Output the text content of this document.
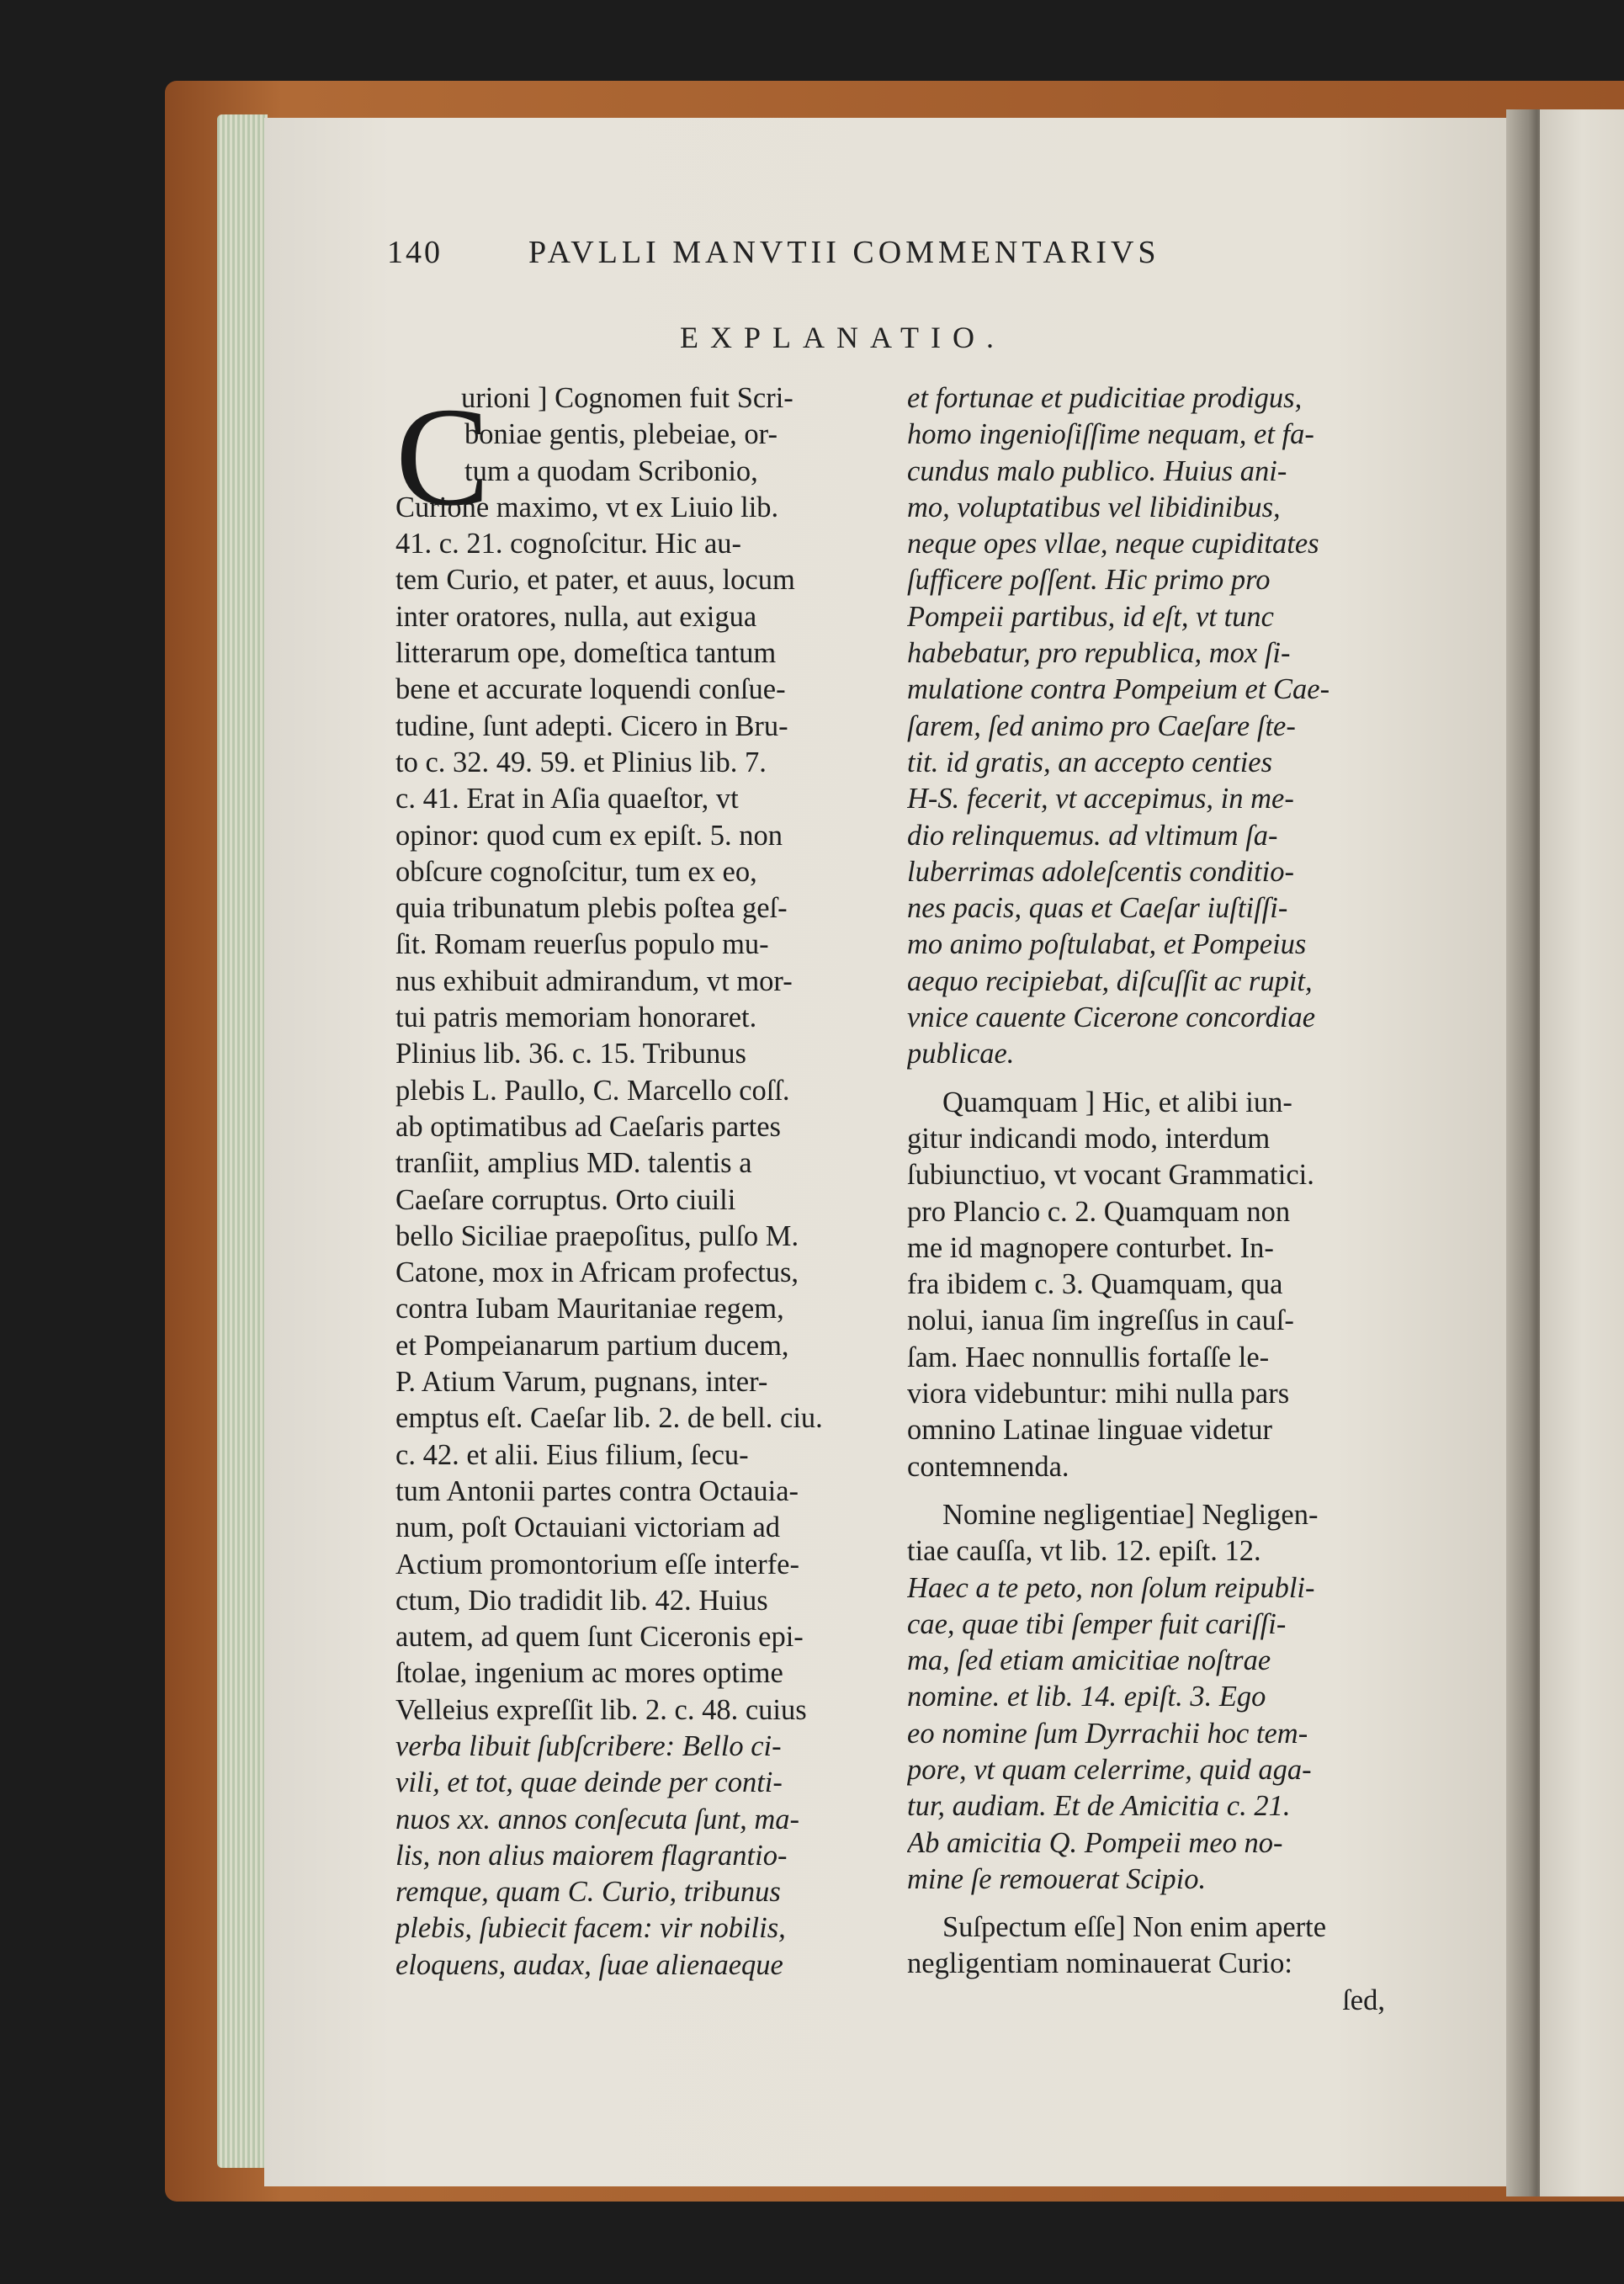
140	PAVLLI MANVTII COMMENTARIVS
EXPLANATIO.
C
urioni ] Cognomen fuit Scri-
boniae gentis, plebeiae, or-
tum a quodam Scribonio,
Curione maximo, vt ex Liuio lib.
41. c. 21. cognoſcitur. Hic au-
tem Curio, et pater, et auus, locum
inter oratores, nulla, aut exigua
litterarum ope, domeſtica tantum
bene et accurate loquendi conſue-
tudine, ſunt adepti. Cicero in Bru-
to c. 32. 49. 59. et Plinius lib. 7.
c. 41. Erat in Aſia quaeſtor, vt
opinor: quod cum ex epiſt. 5. non
obſcure cognoſcitur, tum ex eo,
quia tribunatum plebis poſtea geſ-
ſit. Romam reuerſus populo mu-
nus exhibuit admirandum, vt mor-
tui patris memoriam honoraret.
Plinius lib. 36. c. 15. Tribunus
plebis L. Paullo, C. Marcello coſſ.
ab optimatibus ad Caeſaris partes
tranſiit, amplius MD. talentis a
Caeſare corruptus. Orto ciuili
bello Siciliae praepoſitus, pulſo M.
Catone, mox in Africam profectus,
contra Iubam Mauritaniae regem,
et Pompeianarum partium ducem,
P. Atium Varum, pugnans, inter-
emptus eſt. Caeſar lib. 2. de bell. ciu.
c. 42. et alii. Eius filium, ſecu-
tum Antonii partes contra Octauia-
num, poſt Octauiani victoriam ad
Actium promontorium eſſe interfe-
ctum, Dio tradidit lib. 42. Huius
autem, ad quem ſunt Ciceronis epi-
ſtolae, ingenium ac mores optime
Velleius expreſſit lib. 2. c. 48. cuius
verba libuit ſubſcribere: Bello ci-
vili, et tot, quae deinde per conti-
nuos xx. annos conſecuta ſunt, ma-
lis, non alius maiorem flagrantio-
remque, quam C. Curio, tribunus
plebis, ſubiecit facem: vir nobilis,
eloquens, audax, ſuae alienaeque
et fortunae et pudicitiae prodigus,
homo ingenioſiſſime nequam, et fa-
cundus malo publico. Huius ani-
mo, voluptatibus vel libidinibus,
neque opes vllae, neque cupiditates
ſufficere poſſent. Hic primo pro
Pompeii partibus, id eſt, vt tunc
habebatur, pro republica, mox ſi-
mulatione contra Pompeium et Cae-
ſarem, ſed animo pro Caeſare ſte-
tit. id gratis, an accepto centies
H-S. fecerit, vt accepimus, in me-
dio relinquemus. ad vltimum ſa-
luberrimas adoleſcentis conditio-
nes pacis, quas et Caeſar iuſtiſſi-
mo animo poſtulabat, et Pompeius
aequo recipiebat, diſcuſſit ac rupit,
vnice cauente Cicerone concordiae
publicae.
Quamquam ] Hic, et alibi iun-
gitur indicandi modo, interdum
ſubiunctiuo, vt vocant Grammatici.
pro Plancio c. 2. Quamquam non
me id magnopere conturbet. In-
fra ibidem c. 3. Quamquam, qua
nolui, ianua ſim ingreſſus in cauſ-
ſam. Haec nonnullis fortaſſe le-
viora videbuntur: mihi nulla pars
omnino Latinae linguae videtur
contemnenda.
Nomine negligentiae] Negligen-
tiae cauſſa, vt lib. 12. epiſt. 12.
Haec a te peto, non ſolum reipubli-
cae, quae tibi ſemper fuit cariſſi-
ma, ſed etiam amicitiae noſtrae
nomine. et lib. 14. epiſt. 3. Ego
eo nomine ſum Dyrrachii hoc tem-
pore, vt quam celerrime, quid aga-
tur, audiam. Et de Amicitia c. 21.
Ab amicitia Q. Pompeii meo no-
mine ſe remouerat Scipio.
Suſpectum eſſe] Non enim aperte
negligentiam nominauerat Curio:
ſed,
